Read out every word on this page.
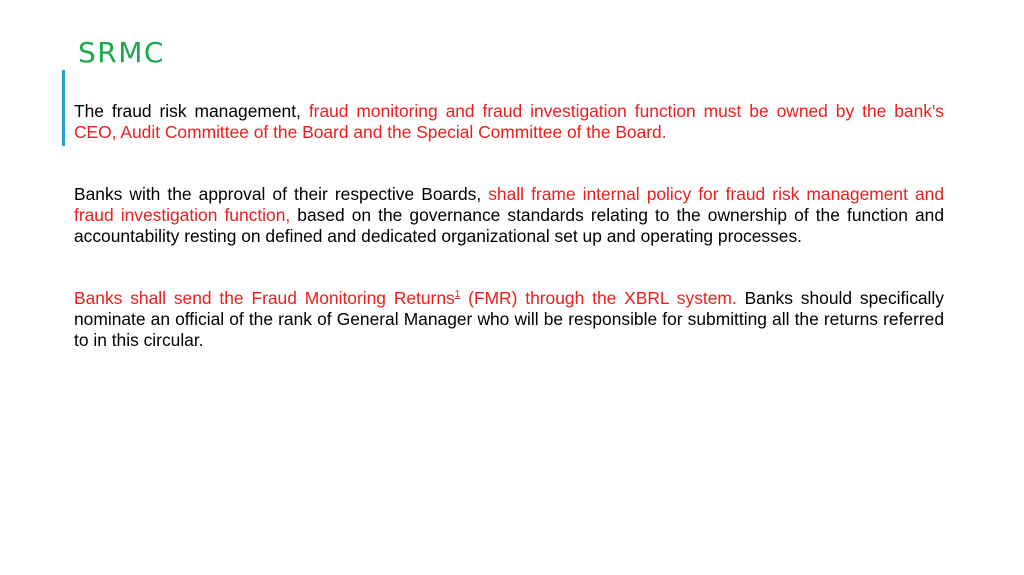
SRMC

The fraud risk management, fraud monitoring and fraud investigation function must be owned by the bank's CEO, Audit Committee of the Board and the Special Committee of the Board.

Banks with the approval of their respective Boards, shall frame internal policy for fraud risk management and fraud investigation function, based on the governance standards relating to the ownership of the function and accountability resting on defined and dedicated organizational set up and operating processes.

Banks shall send the Fraud Monitoring Returns$^1$ (FMR) through the XBRL system. Banks should specifically nominate an official of the rank of General Manager who will be responsible for submitting all the returns referred to in this circular.
